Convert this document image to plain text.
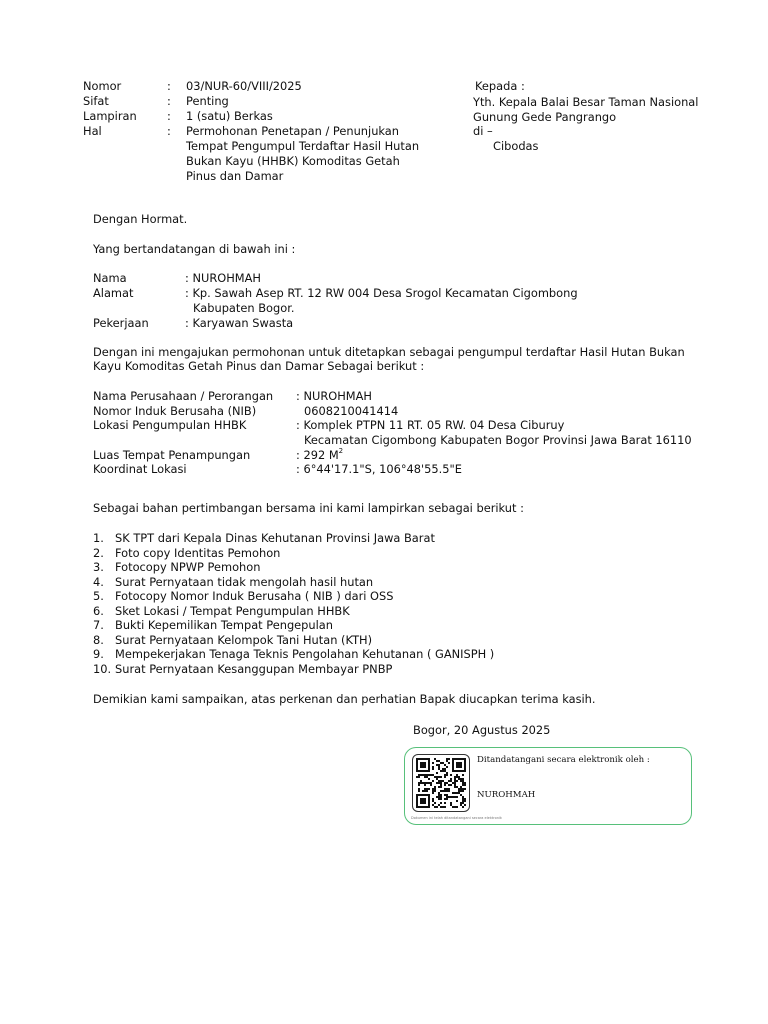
Nomor	: 03/NUR-60/VIII/2025
Sifat	: Penting
Lampiran	: 1 (satu) Berkas
Hal	: Permohonan Penetapan / Penunjukan
Tempat Pengumpul Terdaftar Hasil Hutan
Bukan Kayu (HHBK) Komoditas Getah
Pinus dan Damar
Kepada :
Yth. Kepala Balai Besar Taman Nasional
Gunung Gede Pangrango
di –
Cibodas
Dengan Hormat.
Yang bertandatangan di bawah ini :
Nama	: NUROHMAH
Alamat	: Kp. Sawah Asep RT. 12 RW 004 Desa Srogol Kecamatan Cigombong
Kabupaten Bogor.
Pekerjaan	: Karyawan Swasta
Dengan ini mengajukan permohonan untuk ditetapkan sebagai pengumpul terdaftar Hasil Hutan Bukan
Kayu Komoditas Getah Pinus dan Damar Sebagai berikut :
Nama Perusahaan / Perorangan : NUROHMAH
Nomor Induk Berusaha (NIB)	0608210041414
Lokasi Pengumpulan HHBK	: Komplek PTPN 11 RT. 05 RW. 04 Desa Ciburuy
Kecamatan Cigombong Kabupaten Bogor Provinsi Jawa Barat 16110
Luas Tempat Penampungan	: 292 $M^2$
Koordinat Lokasi	: 6°44'17.1"S, 106°48'55.5"E
Sebagai bahan pertimbangan bersama ini kami lampirkan sebagai berikut :
1. SK TPT dari Kepala Dinas Kehutanan Provinsi Jawa Barat
2. Foto copy Identitas Pemohon
3. Fotocopy NPWP Pemohon
4. Surat Pernyataan tidak mengolah hasil hutan
5. Fotocopy Nomor Induk Berusaha ( NIB ) dari OSS
6. Sket Lokasi / Tempat Pengumpulan HHBK
7. Bukti Kepemilikan Tempat Pengepulan
8. Surat Pernyataan Kelompok Tani Hutan (KTH)
9. Mempekerjakan Tenaga Teknis Pengolahan Kehutanan ( GANISPH )
10. Surat Pernyataan Kesanggupan Membayar PNBP
Demikian kami sampaikan, atas perkenan dan perhatian Bapak diucapkan terima kasih.
Bogor, 20 Agustus 2025
Ditandatangani secara elektronik oleh :
NUROHMAH
Dokumen ini telah ditandatangani secara elektronik
